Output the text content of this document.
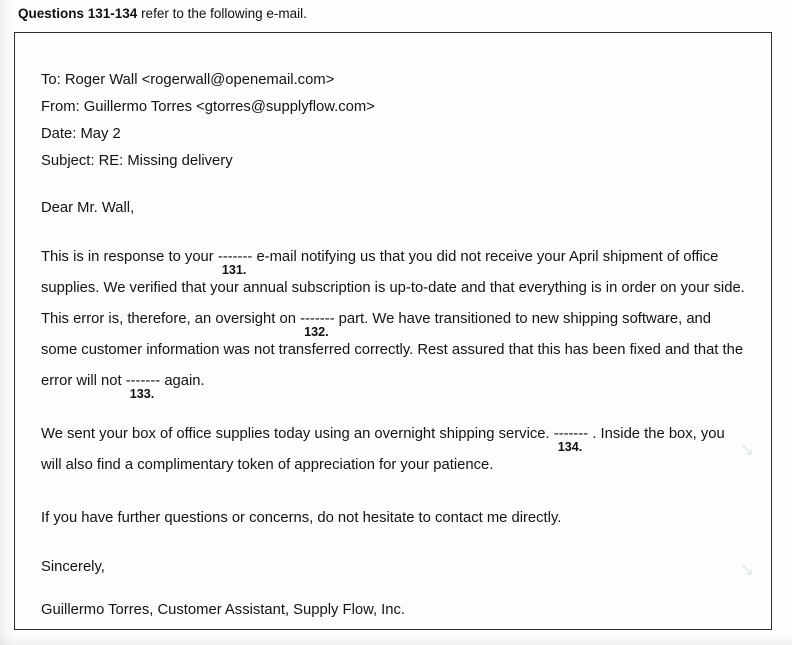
↘
↘
Questions 131-134 refer to the following e-mail.
To: Roger Wall <rogerwall@openemail.com>
From: Guillermo Torres <gtorres@supplyflow.com>
Date: May 2
Subject: RE: Missing delivery
Dear Mr. Wall,
This is in response to your -------
131.
e-mail notifying us that you did not receive your April shipment of office supplies. We verified that your annual subscription is up-to-date and that everything is in order on your side. This error is, therefore, an oversight on -------
132.
part. We have transitioned to new shipping software, and some customer information was not transferred correctly. Rest assured that this has been fixed and that the error will not -------
133.
again.
We sent your box of office supplies today using an overnight shipping service. -------
134.
. Inside the box, you will also find a complimentary token of appreciation for your patience.
If you have further questions or concerns, do not hesitate to contact me directly.
Sincerely,
Guillermo Torres, Customer Assistant, Supply Flow, Inc.
